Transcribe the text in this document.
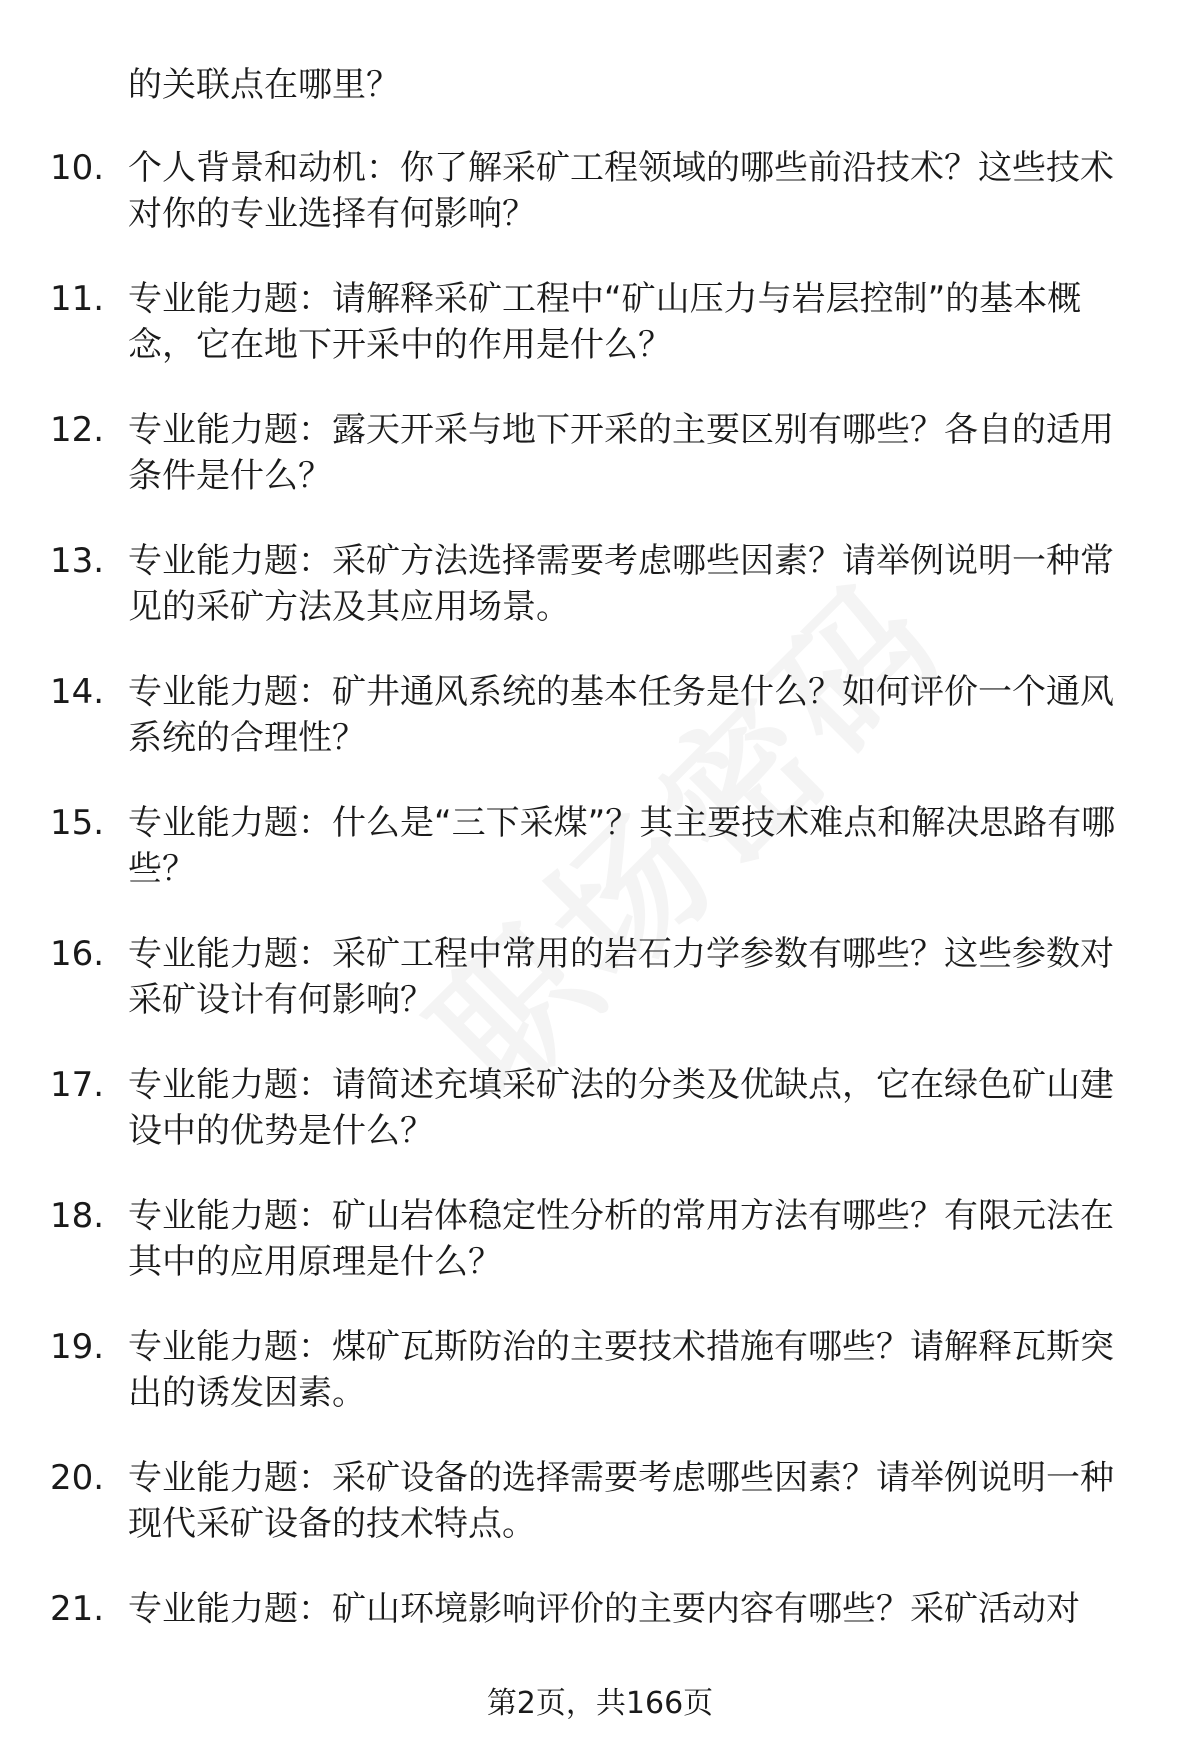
的关联点在哪里？
10. 个人背景和动机：你了解采矿工程领域的哪些前沿技术？这些技术对你的专业选择有何影响？
11. 专业能力题：请解释采矿工程中“矿山压力与岩层控制”的基本概念，它在地下开采中的作用是什么？
12. 专业能力题：露天开采与地下开采的主要区别有哪些？各自的适用条件是什么？
13. 专业能力题：采矿方法选择需要考虑哪些因素？请举例说明一种常见的采矿方法及其应用场景。
14. 专业能力题：矿井通风系统的基本任务是什么？如何评价一个通风系统的合理性？
15. 专业能力题：什么是“三下采煤”？其主要技术难点和解决思路有哪些？
16. 专业能力题：采矿工程中常用的岩石力学参数有哪些？这些参数对采矿设计有何影响？
17. 专业能力题：请简述充填采矿法的分类及优缺点，它在绿色矿山建设中的优势是什么？
18. 专业能力题：矿山岩体稳定性分析的常用方法有哪些？有限元法在其中的应用原理是什么？
19. 专业能力题：煤矿瓦斯防治的主要技术措施有哪些？请解释瓦斯突出的诱发因素。
20. 专业能力题：采矿设备的选择需要考虑哪些因素？请举例说明一种现代采矿设备的技术特点。
21. 专业能力题：矿山环境影响评价的主要内容有哪些？采矿活动对
第2页，共166页
